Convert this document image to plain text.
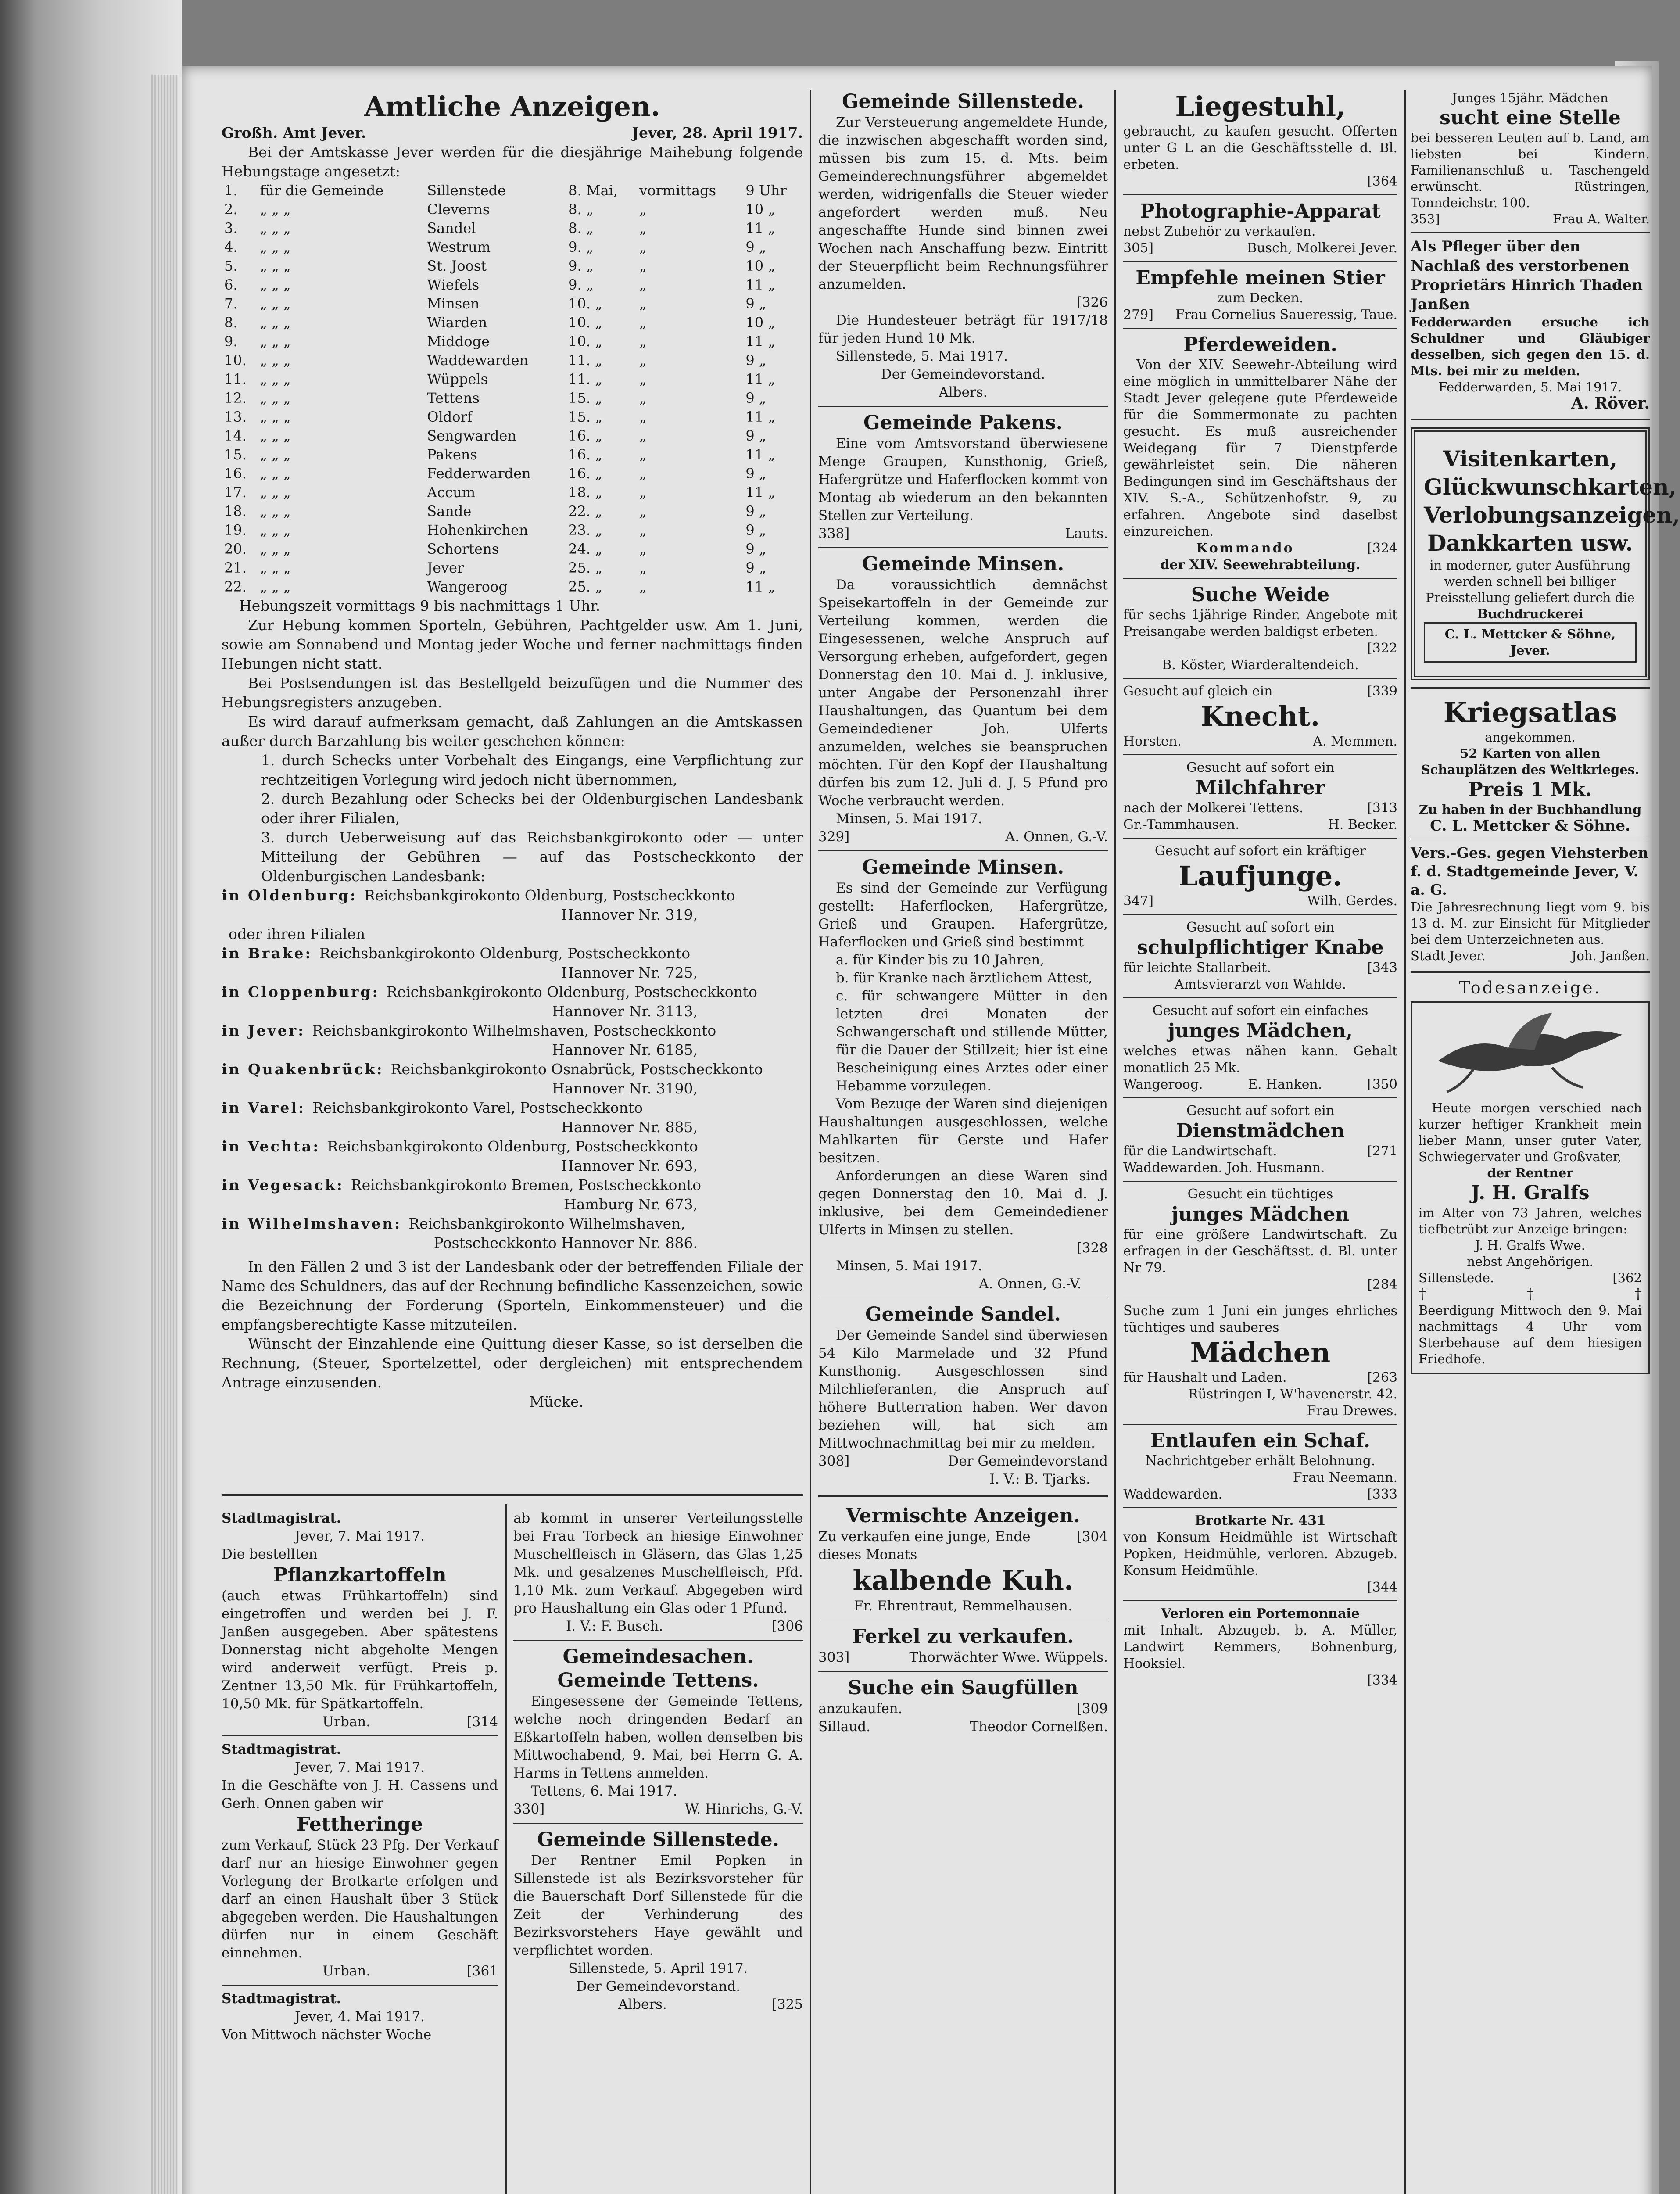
Amtliche Anzeigen.
Großh. Amt Jever.	Jever, 28. April 1917.
Bei der Amtskasse Jever werden für die diesjährige Maihebung folgende Hebungstage angesetzt:
1.	für die Gemeinde	Sillenstede	8. Mai,	vormittags	9 Uhr
2.	„ „ „	Cleverns	8. „	„	10 „
3.	„ „ „	Sandel	8. „	„	11 „
4.	„ „ „	Westrum	9. „	„	9 „
5.	„ „ „	St. Joost	9. „	„	10 „
6.	„ „ „	Wiefels	9. „	„	11 „
7.	„ „ „	Minsen	10. „	„	9 „
8.	„ „ „	Wiarden	10. „	„	10 „
9.	„ „ „	Middoge	10. „	„	11 „
10.	„ „ „	Waddewarden	11. „	„	9 „
11.	„ „ „	Wüppels	11. „	„	11 „
12.	„ „ „	Tettens	15. „	„	9 „
13.	„ „ „	Oldorf	15. „	„	11 „
14.	„ „ „	Sengwarden	16. „	„	9 „
15.	„ „ „	Pakens	16. „	„	11 „
16.	„ „ „	Fedderwarden	16. „	„	9 „
17.	„ „ „	Accum	18. „	„	11 „
18.	„ „ „	Sande	22. „	„	9 „
19.	„ „ „	Hohenkirchen	23. „	„	9 „
20.	„ „ „	Schortens	24. „	„	9 „
21.	„ „ „	Jever	25. „	„	9 „
22.	„ „ „	Wangeroog	25. „	„	11 „
Hebungszeit vormittags 9 bis nachmittags 1 Uhr.
Zur Hebung kommen Sporteln, Gebühren, Pachtgelder usw. Am 1. Juni, sowie am Sonnabend und Montag jeder Woche und ferner nachmittags finden Hebungen nicht statt.
Bei Postsendungen ist das Bestellgeld beizufügen und die Nummer des Hebungsregisters anzugeben.
Es wird darauf aufmerksam gemacht, daß Zahlungen an die Amtskassen außer durch Barzahlung bis weiter geschehen können:
1. durch Schecks unter Vorbehalt des Eingangs, eine Verpflichtung zur rechtzeitigen Vorlegung wird jedoch nicht übernommen,
2. durch Bezahlung oder Schecks bei der Oldenburgischen Landesbank oder ihrer Filialen,
3. durch Ueberweisung auf das Reichsbankgirokonto oder — unter Mitteilung der Gebühren — auf das Postscheckkonto der Oldenburgischen Landesbank:
in Oldenburg: Reichsbankgirokonto Oldenburg, Postscheckkonto
Hannover Nr. 319,
oder ihren Filialen
in Brake: Reichsbankgirokonto Oldenburg, Postscheckkonto
Hannover Nr. 725,
in Cloppenburg: Reichsbankgirokonto Oldenburg, Postscheckkonto
Hannover Nr. 3113,
in Jever: Reichsbankgirokonto Wilhelmshaven, Postscheckkonto
Hannover Nr. 6185,
in Quakenbrück: Reichsbankgirokonto Osnabrück, Postscheckkonto
Hannover Nr. 3190,
in Varel: Reichsbankgirokonto Varel, Postscheckkonto
Hannover Nr. 885,
in Vechta: Reichsbankgirokonto Oldenburg, Postscheckkonto
Hannover Nr. 693,
in Vegesack: Reichsbankgirokonto Bremen, Postscheckkonto
Hamburg Nr. 673,
in Wilhelmshaven: Reichsbankgirokonto Wilhelmshaven,
Postscheckkonto Hannover Nr. 886.
In den Fällen 2 und 3 ist der Landesbank oder der betreffenden Filiale der Name des Schuldners, das auf der Rechnung befindliche Kassenzeichen, sowie die Bezeichnung der Forderung (Sporteln, Einkommensteuer) und die empfangsberechtigte Kasse mitzuteilen.
Wünscht der Einzahlende eine Quittung dieser Kasse, so ist derselben die Rechnung, (Steuer, Sportelzettel, oder dergleichen) mit entsprechendem Antrage einzusenden.
Mücke.
Stadtmagistrat.
Jever, 7. Mai 1917.
Die bestellten
Pflanzkartoffeln
(auch etwas Frühkartoffeln) sind eingetroffen und werden bei J. F. Janßen ausgegeben. Aber spätestens Donnerstag nicht abgeholte Mengen wird anderweit verfügt. Preis p. Zentner 13,50 Mk. für Frühkartoffeln, 10,50 Mk. für Spätkartoffeln.
Urban.	[314
Stadtmagistrat.
Jever, 7. Mai 1917.
In die Geschäfte von J. H. Cassens und Gerh. Onnen gaben wir
Fettheringe
zum Verkauf, Stück 23 Pfg. Der Verkauf darf nur an hiesige Einwohner gegen Vorlegung der Brotkarte erfolgen und darf an einen Haushalt über 3 Stück abgegeben werden. Die Haushaltungen dürfen nur in einem Geschäft einnehmen.
Urban.	[361
Stadtmagistrat.
Jever, 4. Mai 1917.
Von Mittwoch nächster Woche
ab kommt in unserer Verteilungsstelle bei Frau Torbeck an hiesige Einwohner Muschelfleisch in Gläsern, das Glas 1,25 Mk. und gesalzenes Muschelfleisch, Pfd. 1,10 Mk. zum Verkauf. Abgegeben wird pro Haushaltung ein Glas oder 1 Pfund.
I. V.: F. Busch.	[306
Gemeindesachen.
Gemeinde Tettens.
Eingesessene der Gemeinde Tettens, welche noch dringenden Bedarf an Eßkartoffeln haben, wollen denselben bis Mittwochabend, 9. Mai, bei Herrn G. A. Harms in Tettens anmelden.
Tettens, 6. Mai 1917.
330]	W. Hinrichs, G.-V.
Gemeinde Sillenstede.
Der Rentner Emil Popken in Sillenstede ist als Bezirksvorsteher für die Bauerschaft Dorf Sillenstede für die Zeit der Verhinderung des Bezirksvorstehers Haye gewählt und verpflichtet worden.
Sillenstede, 5. April 1917.
Der Gemeindevorstand.
Albers.	[325
Gemeinde Sillenstede.
Zur Versteuerung angemeldete Hunde, die inzwischen abgeschafft worden sind, müssen bis zum 15. d. Mts. beim Gemeinderechnungsführer abgemeldet werden, widrigenfalls die Steuer wieder angefordert werden muß. Neu angeschaffte Hunde sind binnen zwei Wochen nach Anschaffung bezw. Eintritt der Steuerpflicht beim Rechnungsführer anzumelden.
[326
Die Hundesteuer beträgt für 1917/18 für jeden Hund 10 Mk.
Sillenstede, 5. Mai 1917.
Der Gemeindevorstand.
Albers.
Gemeinde Pakens.
Eine vom Amtsvorstand überwiesene Menge Graupen, Kunsthonig, Grieß, Hafergrütze und Haferflocken kommt von Montag ab wiederum an den bekannten Stellen zur Verteilung.
338]	Lauts.
Gemeinde Minsen.
Da voraussichtlich demnächst Speisekartoffeln in der Gemeinde zur Verteilung kommen, werden die Eingesessenen, welche Anspruch auf Versorgung erheben, aufgefordert, gegen Donnerstag den 10. Mai d. J. inklusive, unter Angabe der Personenzahl ihrer Haushaltungen, das Quantum bei dem Gemeindediener Joh. Ulferts anzumelden, welches sie beanspruchen möchten. Für den Kopf der Haushaltung dürfen bis zum 12. Juli d. J. 5 Pfund pro Woche verbraucht werden.
Minsen, 5. Mai 1917.
329]	A. Onnen, G.-V.
Gemeinde Minsen.
Es sind der Gemeinde zur Verfügung gestellt: Haferflocken, Hafergrütze, Grieß und Graupen. Hafergrütze, Haferflocken und Grieß sind bestimmt
a. für Kinder bis zu 10 Jahren,
b. für Kranke nach ärztlichem Attest,
c. für schwangere Mütter in den letzten drei Monaten der Schwangerschaft und stillende Mütter, für die Dauer der Stillzeit; hier ist eine Bescheinigung eines Arztes oder einer Hebamme vorzulegen.
Vom Bezuge der Waren sind diejenigen Haushaltungen ausgeschlossen, welche Mahlkarten für Gerste und Hafer besitzen.
Anforderungen an diese Waren sind gegen Donnerstag den 10. Mai d. J. inklusive, bei dem Gemeindediener Ulferts in Minsen zu stellen.
[328
Minsen, 5. Mai 1917.
A. Onnen, G.-V.
Gemeinde Sandel.
Der Gemeinde Sandel sind überwiesen 54 Kilo Marmelade und 32 Pfund Kunsthonig. Ausgeschlossen sind Milchlieferanten, die Anspruch auf höhere Butterration haben. Wer davon beziehen will, hat sich am Mittwochnachmittag bei mir zu melden.
308]	Der Gemeindevorstand
I. V.: B. Tjarks.
Vermischte Anzeigen.
Zu verkaufen eine junge, Ende dieses Monats
[304
kalbende Kuh.
Fr. Ehrentraut, Remmelhausen.
Ferkel zu verkaufen.
303]	Thorwächter Wwe. Wüppels.
Suche ein Saugfüllen
anzukaufen.	[309
Sillaud.	Theodor Cornelßen.
Liegestuhl,
gebraucht, zu kaufen gesucht. Offerten unter G L an die Geschäftsstelle d. Bl. erbeten.
[364
Photographie-Apparat
nebst Zubehör zu verkaufen.
305]	Busch, Molkerei Jever.
Empfehle meinen Stier
zum Decken.
279] Frau Cornelius Saueressig, Taue.
Pferdeweiden.
Von der XIV. Seewehr-Abteilung wird eine möglich in unmittelbarer Nähe der Stadt Jever gelegene gute Pferdeweide für die Sommermonate zu pachten gesucht. Es muß ausreichender Weidegang für 7 Dienstpferde gewährleistet sein. Die näheren Bedingungen sind im Geschäftshaus der XIV. S.-A., Schützenhofstr. 9, zu erfahren. Angebote sind daselbst einzureichen.
Kommando	[324
der XIV. Seewehrabteilung.
Suche Weide
für sechs 1jährige Rinder. Angebote mit Preisangabe werden baldigst erbeten.
[322
B. Köster, Wiarderaltendeich.
Gesucht auf gleich ein	[339
Knecht.
Horsten.	A. Memmen.
Gesucht auf sofort ein
Milchfahrer
nach der Molkerei Tettens.	[313
Gr.-Tammhausen.	H. Becker.
Gesucht auf sofort ein kräftiger
Laufjunge.
347]	Wilh. Gerdes.
Gesucht auf sofort ein
schulpflichtiger Knabe
für leichte Stallarbeit.	[343
Amtsvierarzt von Wahlde.
Gesucht auf sofort ein einfaches
junges Mädchen,
welches etwas nähen kann. Gehalt monatlich 25 Mk.
Wangeroog.	E. Hanken.	[350
Gesucht auf sofort ein
Dienstmädchen
für die Landwirtschaft.	[271
Waddewarden. Joh. Husmann.
Gesucht ein tüchtiges
junges Mädchen
für eine größere Landwirtschaft. Zu erfragen in der Geschäftsst. d. Bl. unter Nr 79.
[284
Suche zum 1 Juni ein junges ehrliches tüchtiges und sauberes
Mädchen
für Haushalt und Laden.	[263
Rüstringen I, W'havenerstr. 42.
Frau Drewes.
Entlaufen ein Schaf.
Nachrichtgeber erhält Belohnung.
Frau Neemann.
Waddewarden.	[333
Brotkarte Nr. 431
von Konsum Heidmühle ist Wirtschaft Popken, Heidmühle, verloren. Abzugeb. Konsum Heidmühle.
[344
Verloren ein Portemonnaie
mit Inhalt. Abzugeb. b. A. Müller, Landwirt Remmers, Bohnenburg, Hooksiel.
[334
Junges 15jähr. Mädchen
sucht eine Stelle
bei besseren Leuten auf b. Land, am liebsten bei Kindern. Familienanschluß u. Taschengeld erwünscht. Rüstringen, Tonndeichstr. 100.
353]	Frau A. Walter.
Als Pfleger über den Nachlaß des verstorbenen Proprietärs Hinrich Thaden Janßen
Fedderwarden ersuche ich Schuldner und Gläubiger desselben, sich gegen den 15. d. Mts. bei mir zu melden.
Fedderwarden, 5. Mai 1917.
A. Röver.
Visitenkarten,
Glückwunschkarten,
Verlobungsanzeigen,
Dankkarten usw.
in moderner, guter Ausführung werden schnell bei billiger Preisstellung geliefert durch die
Buchdruckerei
C. L. Mettcker & Söhne, Jever.
Kriegsatlas
angekommen.
52 Karten von allen Schauplätzen des Weltkrieges.
Preis 1 Mk.
Zu haben in der Buchhandlung
C. L. Mettcker & Söhne.
Vers.-Ges. gegen Viehsterben f. d. Stadtgemeinde Jever, V. a. G.
Die Jahresrechnung liegt vom 9. bis 13 d. M. zur Einsicht für Mitglieder bei dem Unterzeichneten aus.
Stadt Jever.	Joh. Janßen.
Todesanzeige.
Heute morgen verschied nach kurzer heftiger Krankheit mein lieber Mann, unser guter Vater, Schwiegervater und Großvater,
der Rentner
J. H. Gralfs
im Alter von 73 Jahren, welches tiefbetrübt zur Anzeige bringen:
J. H. Gralfs Wwe.
nebst Angehörigen.
Sillenstede.	[362
†	†	†
Beerdigung Mittwoch den 9. Mai nachmittags 4 Uhr vom Sterbehause auf dem hiesigen Friedhofe.
